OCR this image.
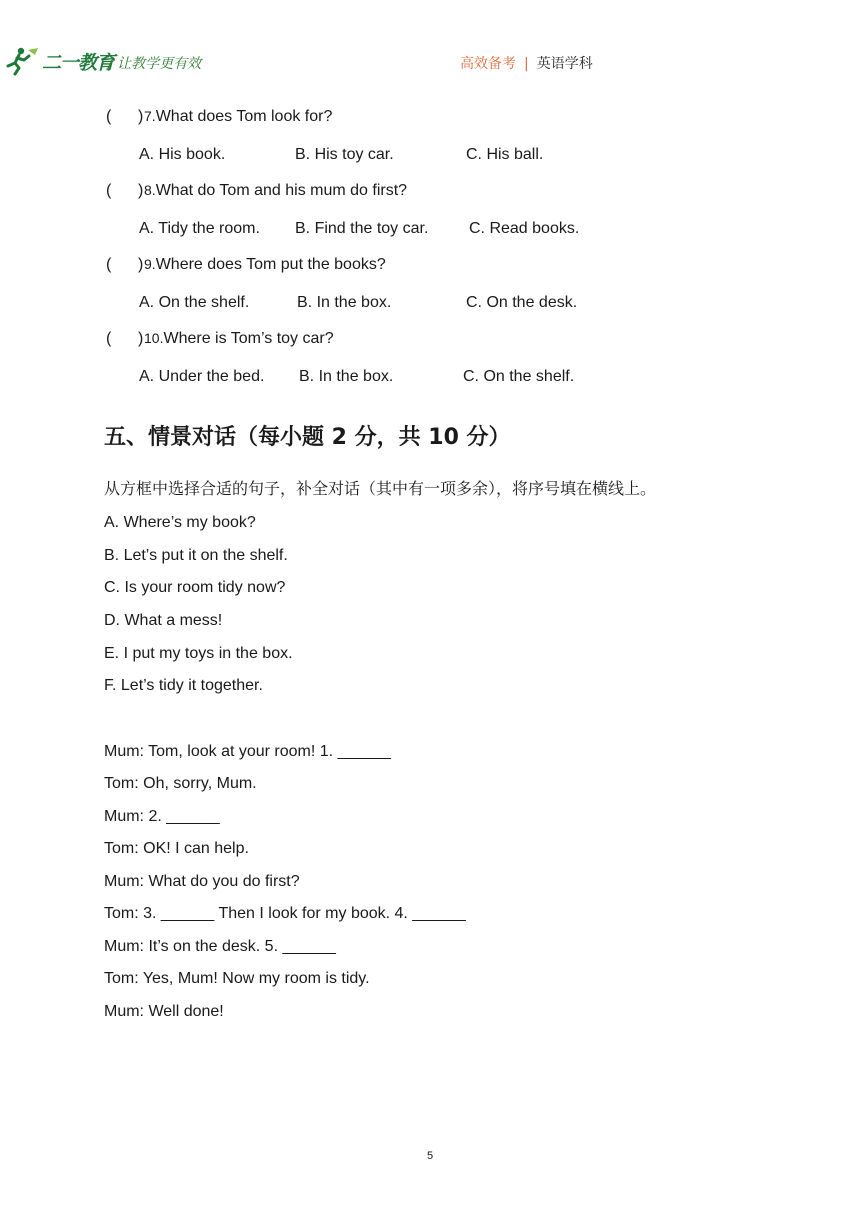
二一教育
/ 让教学更有效	高效备考 | 英语学科
(      )7.What does Tom look for?
A. His book.	B. His toy car.	C. His ball.
(      )8.What do Tom and his mum do first?
A. Tidy the room. B. Find the toy car.	C. Read books.
(      )9.Where does Tom put the books?
A. On the shelf.	B. In the box.	C. On the desk.
(      )10.Where is Tom’s toy car?
A. Under the bed. B. In the box.	C. On the shelf.
五、情景对话（每小题 2 分，共 10 分）
从方框中选择合适的句子，补全对话（其中有一项多余），将序号填在横线上。
A. Where’s my book?
B. Let’s put it on the shelf.
C. Is your room tidy now?
D. What a mess!
E. I put my toys in the box.
F. Let’s tidy it together.
Mum: Tom, look at your room! 1. ______
Tom: Oh, sorry, Mum.
Mum: 2. ______
Tom: OK! I can help.
Mum: What do you do first?
Tom: 3. ______ Then I look for my book. 4. ______
Mum: It’s on the desk. 5. ______
Tom: Yes, Mum! Now my room is tidy.
Mum: Well done!
5
